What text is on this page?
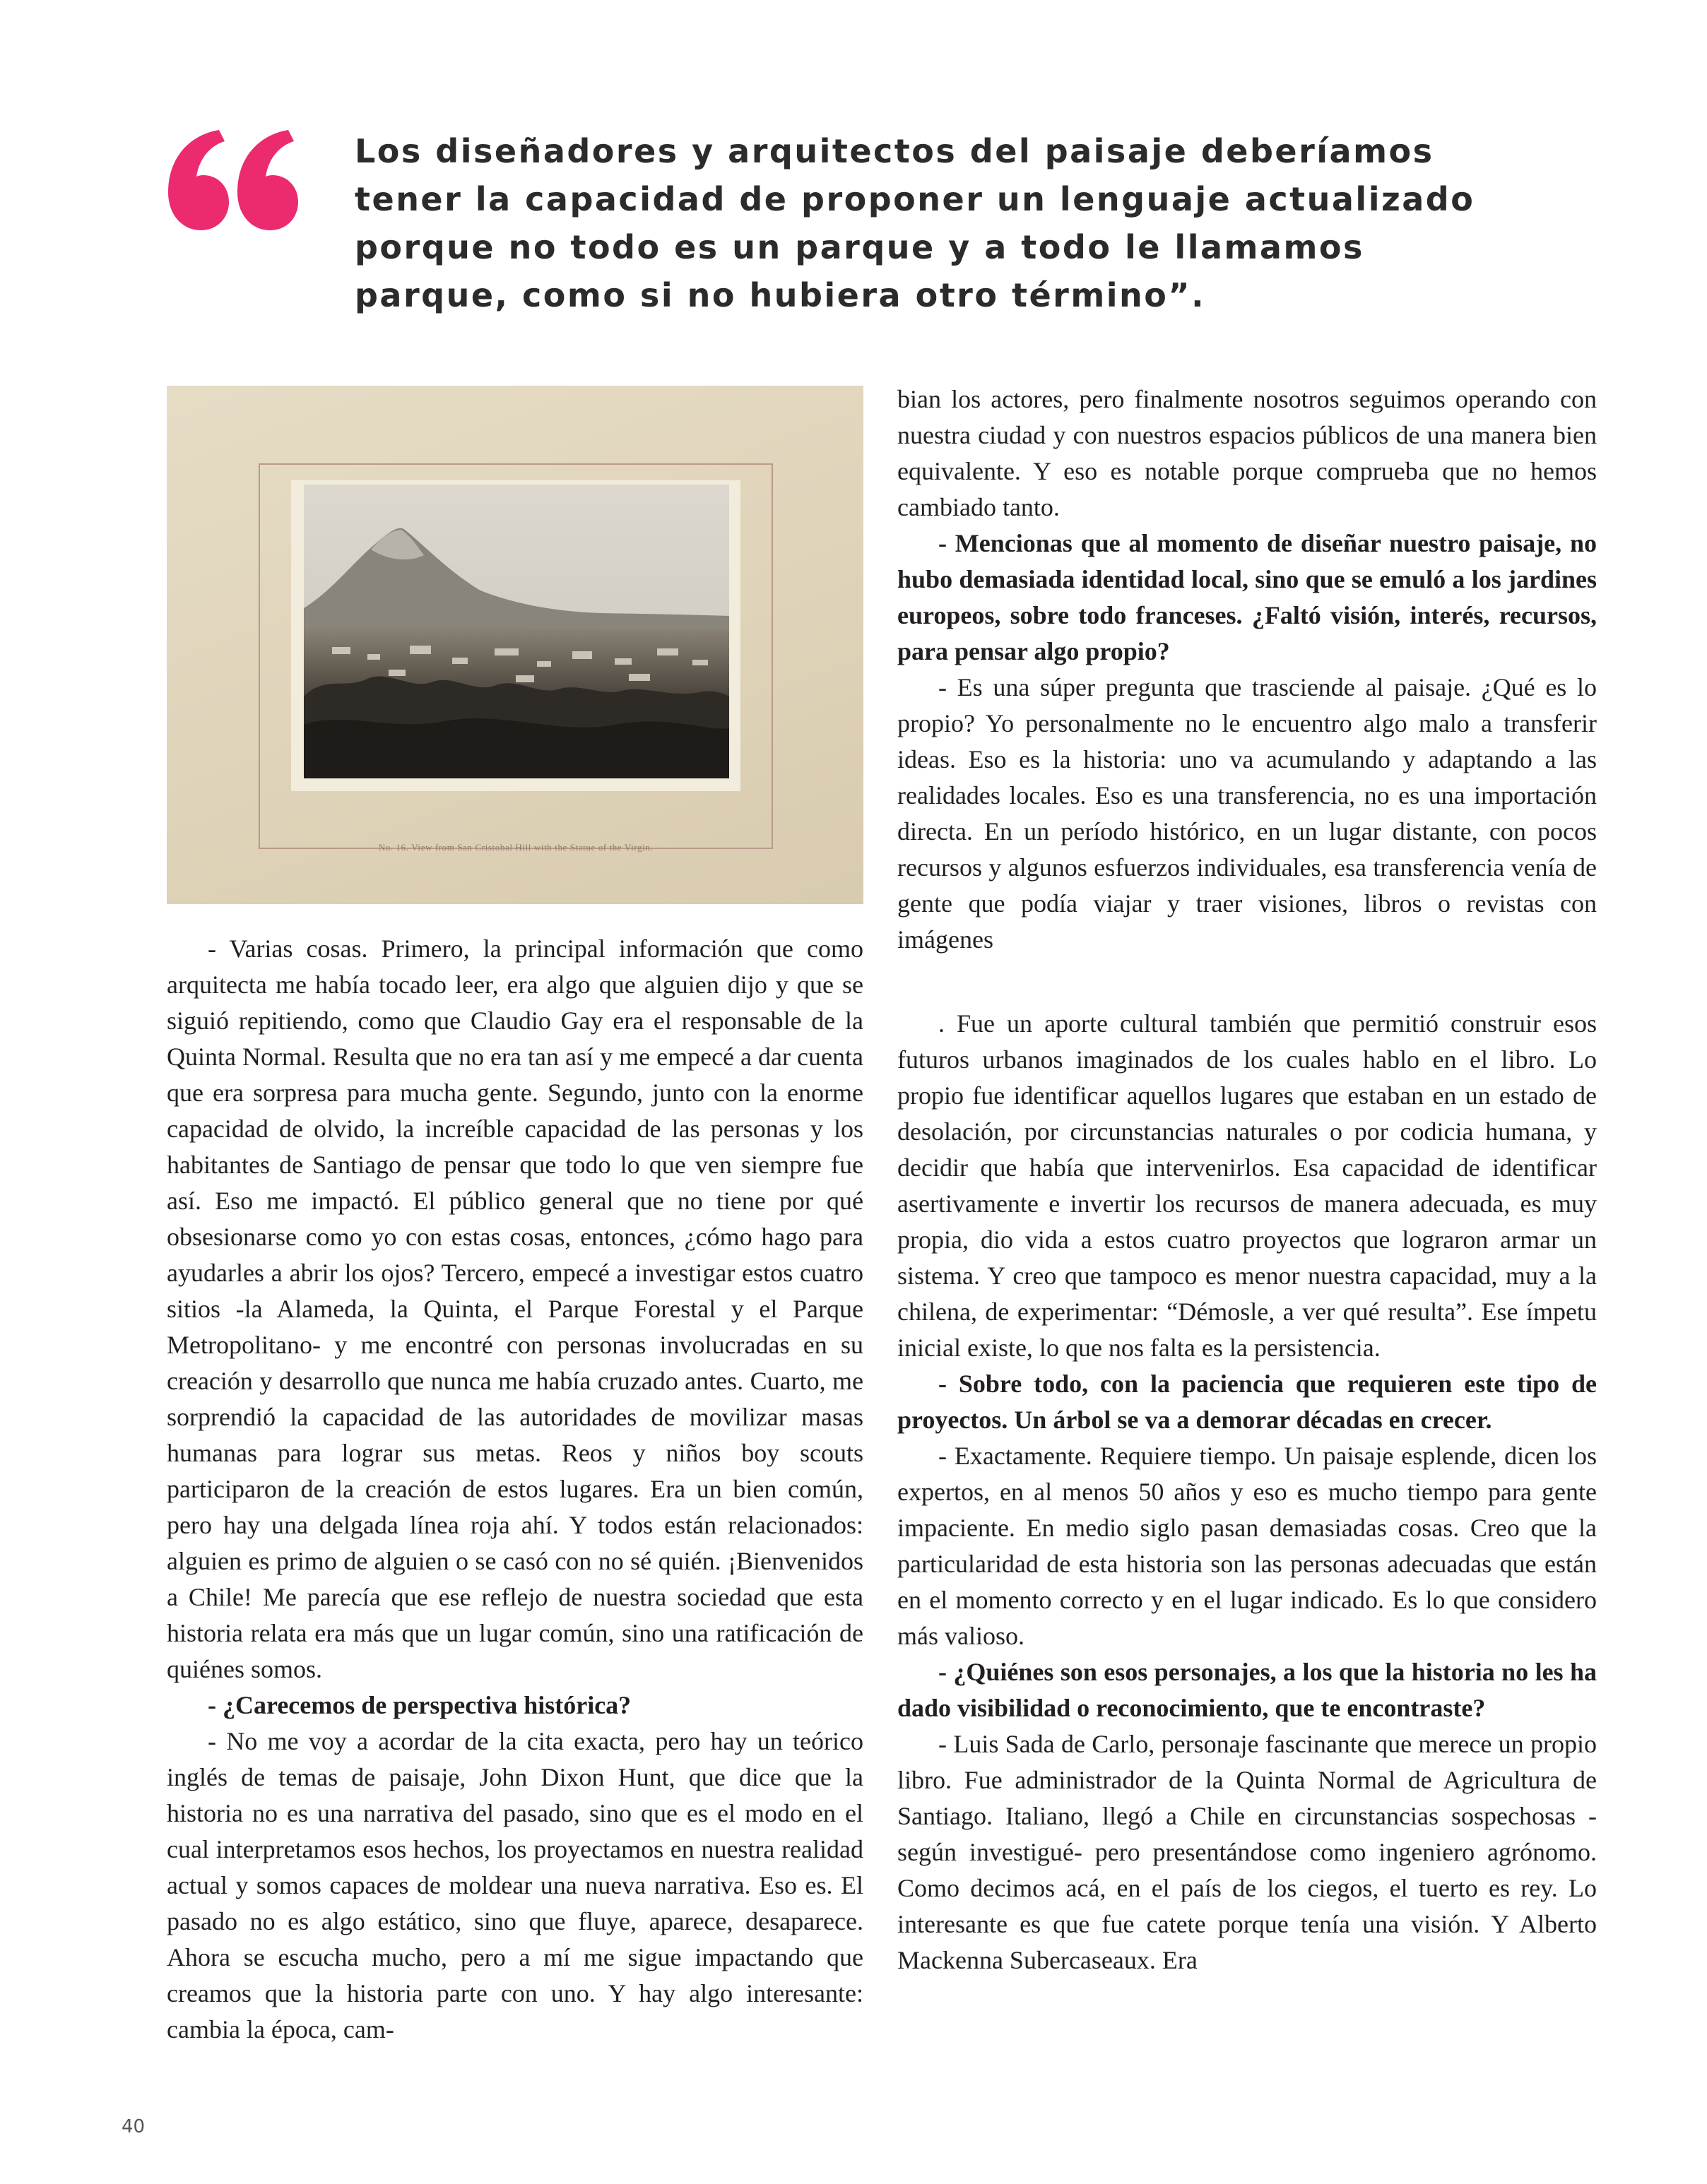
Los diseñadores y arquitectos del paisaje deberíamos tener la capacidad de proponer un lenguaje actualizado porque no todo es un parque y a todo le llamamos parque, como si no hubiera otro término”.
No. 16. View from San Cristobal Hill with the Statue of the Virgin.

- Varias cosas. Primero, la principal información que como arquitecta me había tocado leer, era algo que alguien dijo y que se siguió repitiendo, como que Claudio Gay era el responsable de la Quinta Normal. Resulta que no era tan así y me empecé a dar cuenta que era sorpresa para mucha gente. Segundo, junto con la enorme capacidad de olvido, la increíble capacidad de las personas y los habitantes de Santiago de pensar que todo lo que ven siempre fue así. Eso me impactó. El público general que no tiene por qué obsesionarse como yo con estas cosas, entonces, ¿cómo hago para ayudarles a abrir los ojos? Tercero, empecé a investigar estos cuatro sitios -la Alameda, la Quinta, el Parque Forestal y el Parque Metropolitano- y me encontré con personas involucradas en su creación y desarrollo que nunca me había cruzado antes. Cuarto, me sorprendió la capacidad de las autoridades de movilizar masas humanas para lograr sus metas. Reos y niños boy scouts participaron de la creación de estos lugares. Era un bien común, pero hay una delgada línea roja ahí. Y todos están relacionados: alguien es primo de alguien o se casó con no sé quién. ¡Bienvenidos a Chile! Me parecía que ese reflejo de nuestra sociedad que esta historia relata era más que un lugar común, sino una ratificación de quiénes somos.

- ¿Carecemos de perspectiva histórica?

- No me voy a acordar de la cita exacta, pero hay un teórico inglés de temas de paisaje, John Dixon Hunt, que dice que la historia no es una narrativa del pasado, sino que es el modo en el cual interpretamos esos hechos, los proyectamos en nuestra realidad actual y somos capaces de moldear una nueva narrativa. Eso es. El pasado no es algo estático, sino que fluye, aparece, desaparece. Ahora se escucha mucho, pero a mí me sigue impactando que creamos que la historia parte con uno. Y hay algo interesante: cambia la época, cam-

bian los actores, pero finalmente nosotros seguimos operando con nuestra ciudad y con nuestros espacios públicos de una manera bien equivalente. Y eso es notable porque comprueba que no hemos cambiado tanto.

- Mencionas que al momento de diseñar nuestro paisaje, no hubo demasiada identidad local, sino que se emuló a los jardines europeos, sobre todo franceses. ¿Faltó visión, interés, recursos, para pensar algo propio?

- Es una súper pregunta que trasciende al paisaje. ¿Qué es lo propio? Yo personalmente no le encuentro algo malo a transferir ideas. Eso es la historia: uno va acumulando y adaptando a las realidades locales. Eso es una transferencia, no es una importación directa. En un período histórico, en un lugar distante, con pocos recursos y algunos esfuerzos individuales, esa transferencia venía de gente que podía viajar y traer visiones, libros o revistas con imágenes

. Fue un aporte cultural también que permitió construir esos futuros urbanos imaginados de los cuales hablo en el libro. Lo propio fue identificar aquellos lugares que estaban en un estado de desolación, por circunstancias naturales o por codicia humana, y decidir que había que intervenirlos. Esa capacidad de identificar asertivamente e invertir los recursos de manera adecuada, es muy propia, dio vida a estos cuatro proyectos que lograron armar un sistema. Y creo que tampoco es menor nuestra capacidad, muy a la chilena, de experimentar: “Démosle, a ver qué resulta”. Ese ímpetu inicial existe, lo que nos falta es la persistencia.

- Sobre todo, con la paciencia que requieren este tipo de proyectos. Un árbol se va a demorar décadas en crecer.

- Exactamente. Requiere tiempo. Un paisaje esplende, dicen los expertos, en al menos 50 años y eso es mucho tiempo para gente impaciente. En medio siglo pasan demasiadas cosas. Creo que la particularidad de esta historia son las personas adecuadas que están en el momento correcto y en el lugar indicado. Es lo que considero más valioso.

- ¿Quiénes son esos personajes, a los que la historia no les ha dado visibilidad o reconocimiento, que te encontraste?

- Luis Sada de Carlo, personaje fascinante que merece un propio libro. Fue administrador de la Quinta Normal de Agricultura de Santiago. Italiano, llegó a Chile en circunstancias sospechosas -según investigué- pero presentándose como ingeniero agrónomo. Como decimos acá, en el país de los ciegos, el tuerto es rey. Lo interesante es que fue catete porque tenía una visión. Y Alberto Mackenna Subercaseaux. Era

40
